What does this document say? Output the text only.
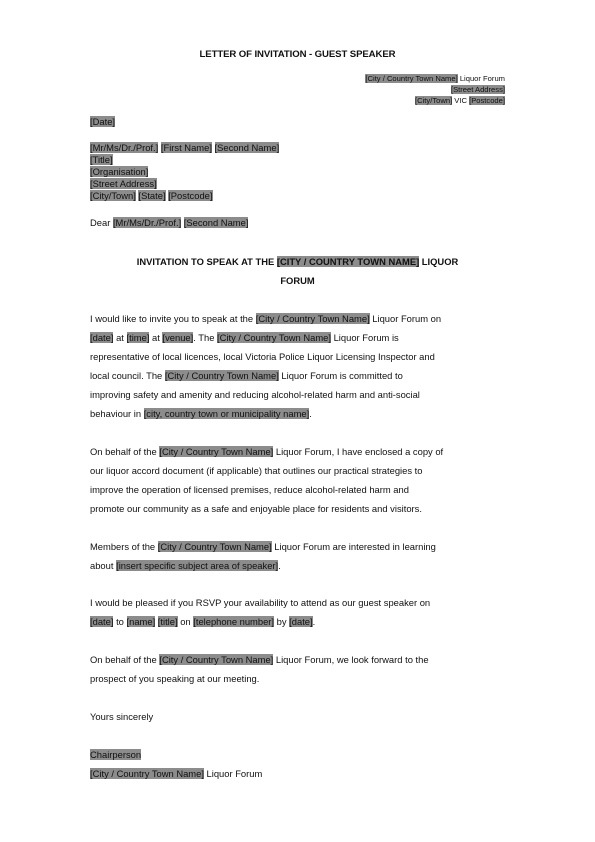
LETTER OF INVITATION - GUEST SPEAKER
[ City / Country Town Name ] Liquor Forum
[ Street Address ]
[ City/Town ] VIC [ Postcode ]
[ Date ]
[ Mr/Ms/Dr./Prof. ] [ First Name ] [ Second Name ]
[ Title ]
[ Organisation ]
[ Street Address ]
[ City/Town ] [ State ] [ Postcode ]
Dear [ Mr/Ms/Dr./Prof. ] [ Second Name ]
INVITATION TO SPEAK AT THE [ CITY / COUNTRY TOWN NAME ] LIQUOR
FORUM
I would like to invite you to speak at the [ City / Country Town Name ] Liquor Forum on
[ date ] at [ time ] at [ venue ] . The [ City / Country Town Name ] Liquor Forum is
representative of local licences, local Victoria Police Liquor Licensing Inspector and
local council. The [ City / Country Town Name ] Liquor Forum is committed to
improving safety and amenity and reducing alcohol-related harm and anti-social
behaviour in [ city, country town or municipality name ] .
On behalf of the [ City / Country Town Name ] Liquor Forum, I have enclosed a copy of
our liquor accord document (if applicable) that outlines our practical strategies to
improve the operation of licensed premises, reduce alcohol-related harm and
promote our community as a safe and enjoyable place for residents and visitors.
Members of the [ City / Country Town Name ] Liquor Forum are interested in learning
about [ insert specific subject area of speaker ] .
I would be pleased if you RSVP your availability to attend as our guest speaker on
[ date ] to [ name ] [ title ] on [ telephone number ] by [ date ] .
On behalf of the [ City / Country Town Name ] Liquor Forum, we look forward to the
prospect of you speaking at our meeting.
Yours sincerely
Chairperson
[ City / Country Town Name ] Liquor Forum
